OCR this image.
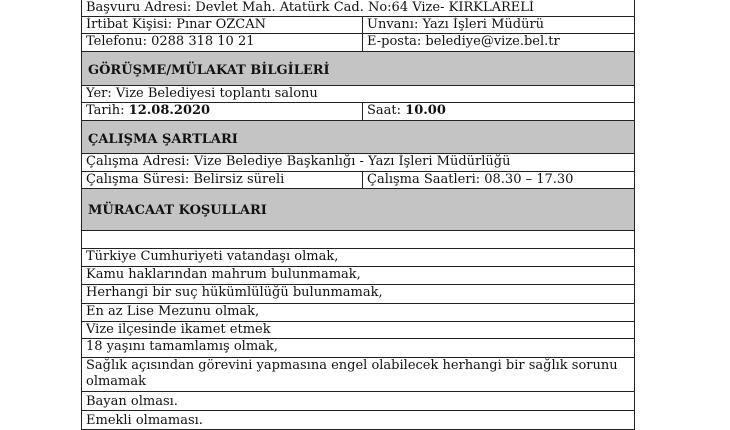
Başvuru Adresi: Devlet Mah. Atatürk Cad. No:64 Vize- KIRKLARELİ
İrtibat Kişisi: Pınar ÖZCAN	Unvanı: Yazı İşleri Müdürü
Telefonu: 0288 318 10 21	E-posta: belediye@vize.bel.tr
GÖRÜŞME/MÜLAKAT BİLGİLERİ
Yer: Vize Belediyesi toplantı salonu
Tarih: 12.08.2020	Saat: 10.00
ÇALIŞMA ŞARTLARI
Çalışma Adresi: Vize Belediye Başkanlığı - Yazı İşleri Müdürlüğü
Çalışma Süresi: Belirsiz süreli	Çalışma Saatleri: 08.30 – 17.30
MÜRACAAT KOŞULLARI
Türkiye Cumhuriyeti vatandaşı olmak,
Kamu haklarından mahrum bulunmamak,
Herhangi bir suç hükümlülüğü bulunmamak,
En az Lise Mezunu olmak,
Vize ilçesinde ikamet etmek
18 yaşını tamamlamış olmak,
Sağlık açısından görevini yapmasına engel olabilecek herhangi bir sağlık sorunu olmamak
Bayan olması.
Emekli olmaması.
